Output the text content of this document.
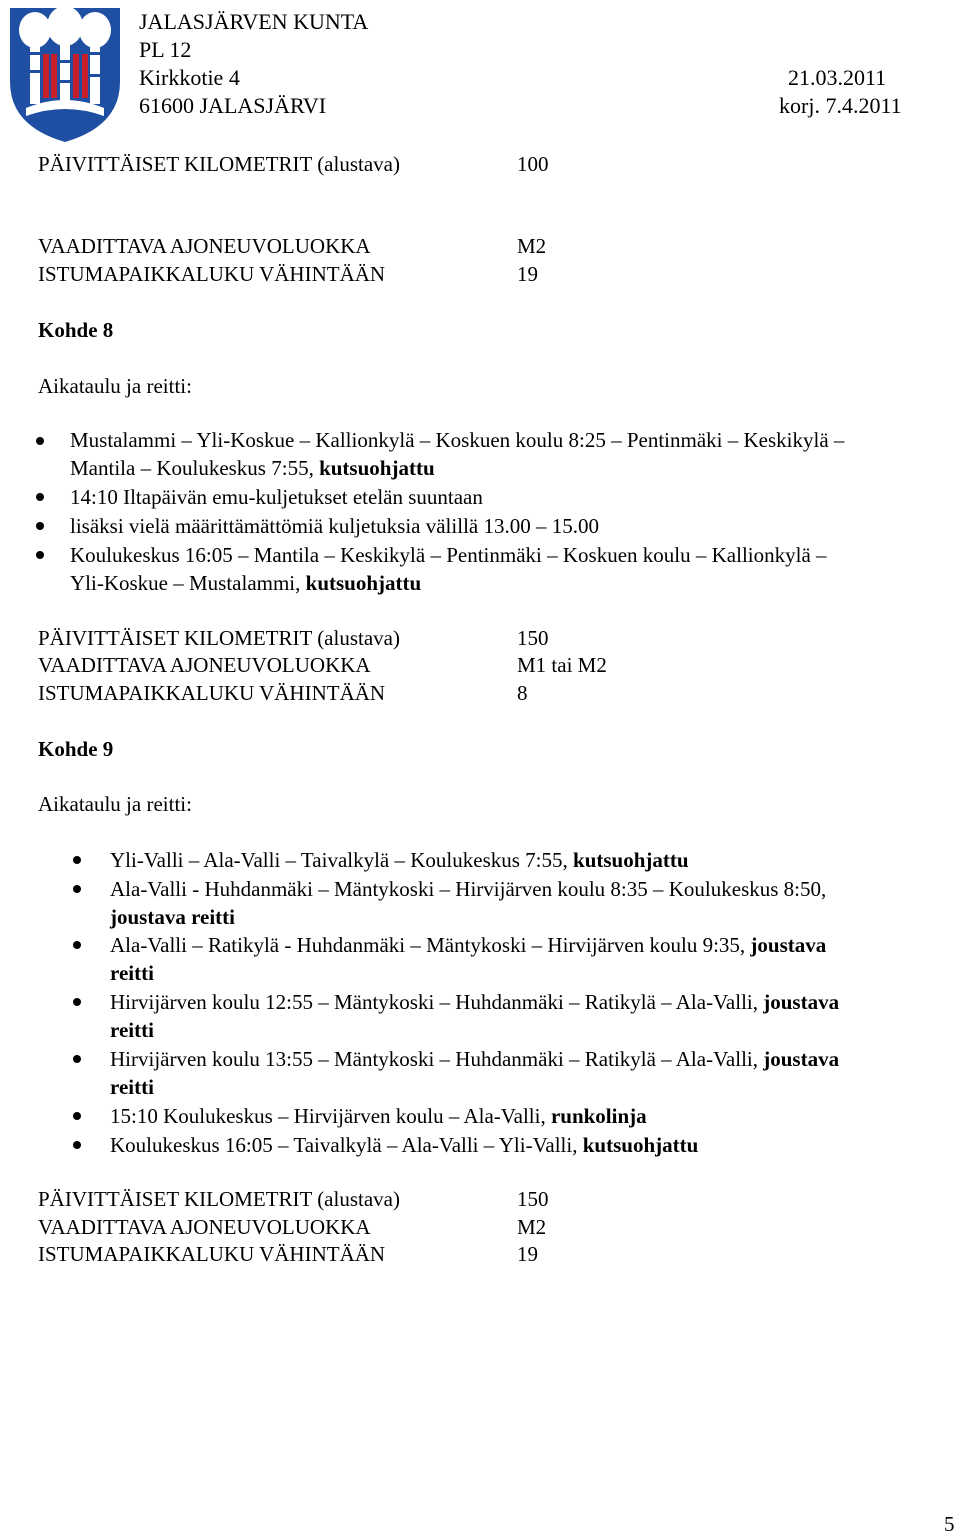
JALASJÄRVEN KUNTA
PL 12
Kirkkotie 4
61600 JALASJÄRVI
21.03.2011
korj. 7.4.2011
PÄIVITTÄISET KILOMETRIT (alustava)	100
VAADITTAVA AJONEUVOLUOKKA	M2
ISTUMAPAIKKALUKU VÄHINTÄÄN	19
Kohde 8
Aikataulu ja reitti:
Mustalammi – Yli-Koskue – Kallionkylä – Koskuen koulu 8:25 – Pentinmäki – Keskikylä –
Mantila – Koulukeskus 7:55, kutsuohjattu
14:10 Iltapäivän emu-kuljetukset etelän suuntaan
lisäksi vielä määrittämättömiä kuljetuksia välillä 13.00 – 15.00
Koulukeskus 16:05 – Mantila – Keskikylä – Pentinmäki – Koskuen koulu – Kallionkylä –
Yli-Koskue – Mustalammi, kutsuohjattu
PÄIVITTÄISET KILOMETRIT (alustava)	150
VAADITTAVA AJONEUVOLUOKKA	M1 tai M2
ISTUMAPAIKKALUKU VÄHINTÄÄN	8
Kohde 9
Aikataulu ja reitti:
Yli-Valli – Ala-Valli – Taivalkylä – Koulukeskus 7:55, kutsuohjattu
Ala-Valli - Huhdanmäki – Mäntykoski – Hirvijärven koulu 8:35 – Koulukeskus 8:50,
joustava reitti
Ala-Valli – Ratikylä - Huhdanmäki – Mäntykoski – Hirvijärven koulu 9:35, joustava
reitti
Hirvijärven koulu 12:55 – Mäntykoski – Huhdanmäki – Ratikylä – Ala-Valli, joustava
reitti
Hirvijärven koulu 13:55 – Mäntykoski – Huhdanmäki – Ratikylä – Ala-Valli, joustava
reitti
15:10 Koulukeskus – Hirvijärven koulu – Ala-Valli, runkolinja
Koulukeskus 16:05 – Taivalkylä – Ala-Valli – Yli-Valli, kutsuohjattu
PÄIVITTÄISET KILOMETRIT (alustava)	150
VAADITTAVA AJONEUVOLUOKKA	M2
ISTUMAPAIKKALUKU VÄHINTÄÄN	19
5
